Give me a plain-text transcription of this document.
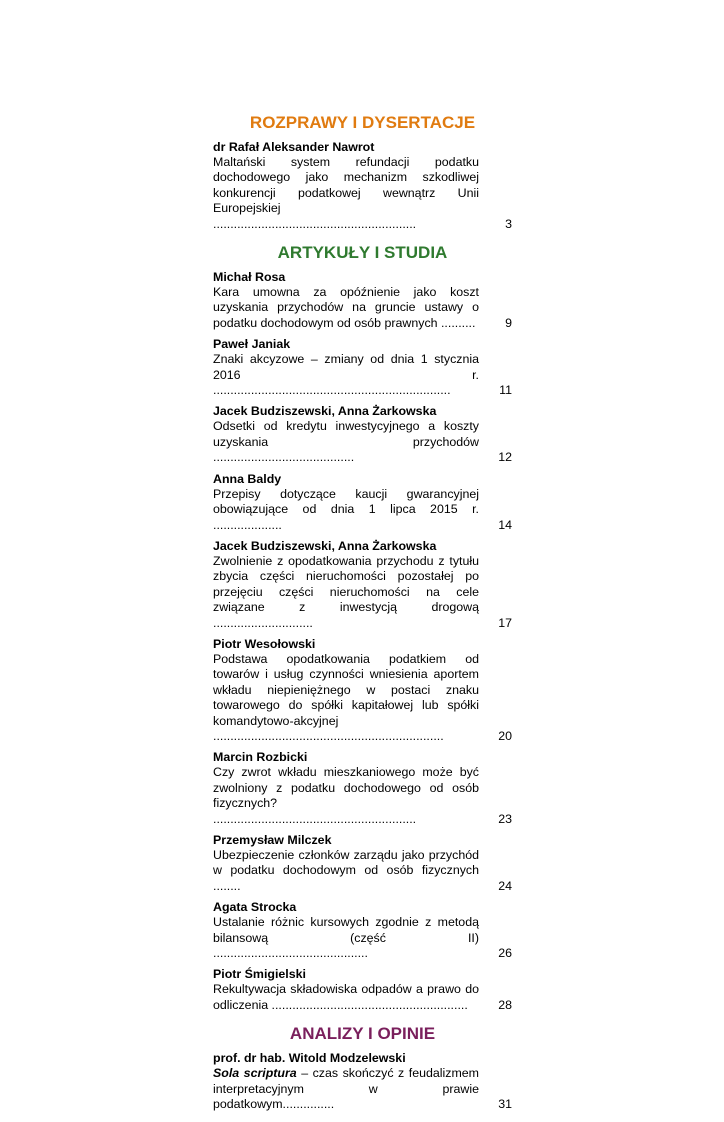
ROZPRAWY I DYSERTACJE
dr Rafał Aleksander Nawrot
Maltański system refundacji podatku dochodowego jako mechanizm szkodliwej konkurencji podatkowej wewnątrz Unii Europejskiej ...........................................................	3
ARTYKUŁY I STUDIA
Michał Rosa
Kara umowna za opóźnienie jako koszt uzyskania przychodów na gruncie ustawy o podatku dochodowym od osób prawnych ..........	9
Paweł Janiak
Znaki akcyzowe – zmiany od dnia 1 stycznia 2016 r. .....................................................................	11
Jacek Budziszewski, Anna Żarkowska
Odsetki od kredytu inwestycyjnego a koszty uzyskania przychodów .........................................	12
Anna Baldy
Przepisy dotyczące kaucji gwarancyjnej obowiązujące od dnia 1 lipca 2015 r. ....................	14
Jacek Budziszewski, Anna Żarkowska
Zwolnienie z opodatkowania przychodu z tytułu zbycia części nieruchomości pozostałej po przejęciu części nieruchomości na cele związane z inwestycją drogową .............................	17
Piotr Wesołowski
Podstawa opodatkowania podatkiem od towarów i usług czynności wniesienia aportem wkładu niepieniężnego w postaci znaku towarowego do spółki kapitałowej lub spółki komandytowo-akcyjnej ...................................................................	20
Marcin Rozbicki
Czy zwrot wkładu mieszkaniowego może być zwolniony z podatku dochodowego od osób fizycznych? ...........................................................	23
Przemysław Milczek
Ubezpieczenie członków zarządu jako przychód w podatku dochodowym od osób fizycznych ........	24
Agata Strocka
Ustalanie różnic kursowych zgodnie z metodą bilansową (część II) .............................................	26
Piotr Śmigielski
Rekultywacja składowiska odpadów a prawo do odliczenia .........................................................	28
ANALIZY I OPINIE
prof. dr hab. Witold Modzelewski
Sola scriptura – czas skończyć z feudalizmem interpretacyjnym w prawie podatkowym...............	31
